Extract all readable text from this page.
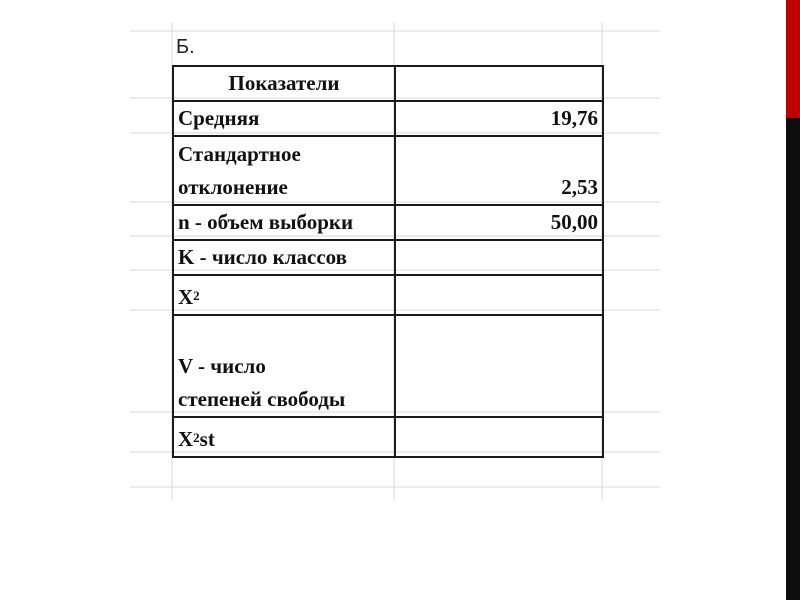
Б.
Показатели	
Средняя	19,76
Стандартное
отклонение	2,53
n - объем выборки	50,00
K - число классов	
$X^2$	
V - число
степеней свободы	
$X^2st$	
